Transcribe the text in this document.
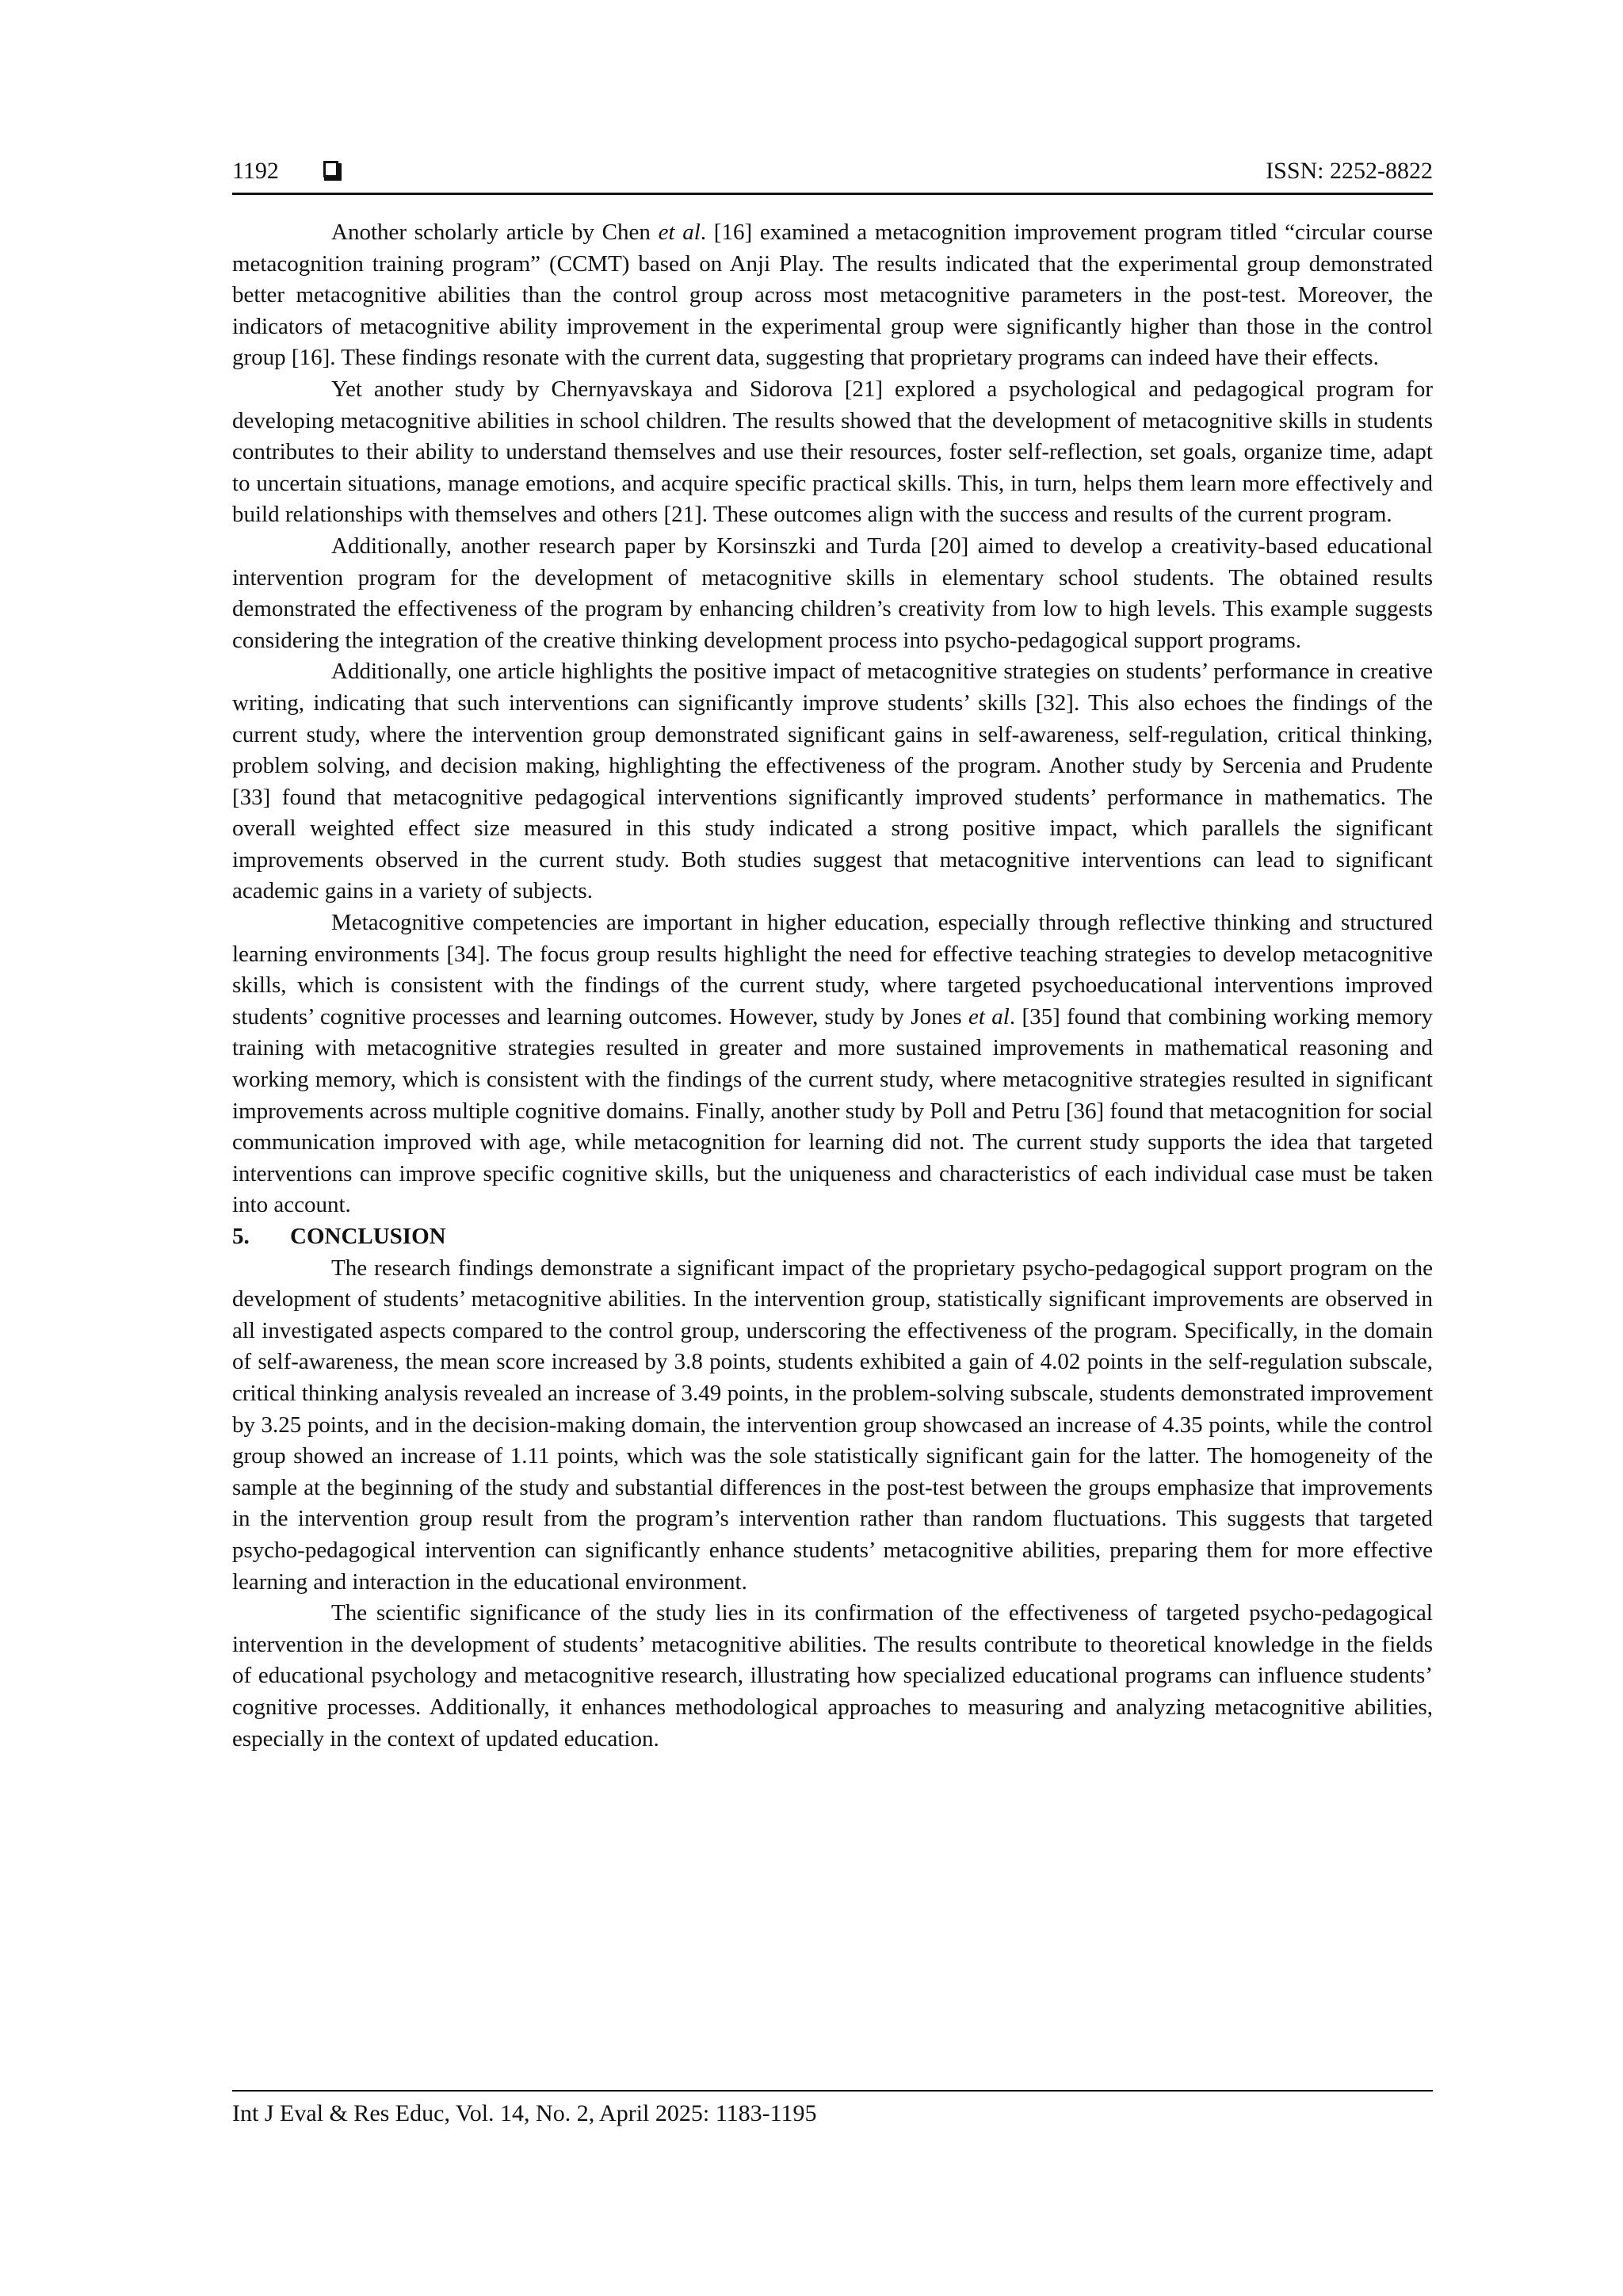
1192	ISSN: 2252-8822

Another scholarly article by Chen et al. [16] examined a metacognition improvement program titled “circular course metacognition training program” (CCMT) based on Anji Play. The results indicated that the experimental group demonstrated better metacognitive abilities than the control group across most metacognitive parameters in the post-test. Moreover, the indicators of metacognitive ability improvement in the experimental group were significantly higher than those in the control group [16]. These findings resonate with the current data, suggesting that proprietary programs can indeed have their effects.

Yet another study by Chernyavskaya and Sidorova [21] explored a psychological and pedagogical program for developing metacognitive abilities in school children. The results showed that the development of metacognitive skills in students contributes to their ability to understand themselves and use their resources, foster self-reflection, set goals, organize time, adapt to uncertain situations, manage emotions, and acquire specific practical skills. This, in turn, helps them learn more effectively and build relationships with themselves and others [21]. These outcomes align with the success and results of the current program.

Additionally, another research paper by Korsinszki and Turda [20] aimed to develop a creativity-based educational intervention program for the development of metacognitive skills in elementary school students. The obtained results demonstrated the effectiveness of the program by enhancing children’s creativity from low to high levels. This example suggests considering the integration of the creative thinking development process into psycho-pedagogical support programs.

Additionally, one article highlights the positive impact of metacognitive strategies on students’ performance in creative writing, indicating that such interventions can significantly improve students’ skills [32]. This also echoes the findings of the current study, where the intervention group demonstrated significant gains in self-awareness, self-regulation, critical thinking, problem solving, and decision making, highlighting the effectiveness of the program. Another study by Sercenia and Prudente [33] found that metacognitive pedagogical interventions significantly improved students’ performance in mathematics. The overall weighted effect size measured in this study indicated a strong positive impact, which parallels the significant improvements observed in the current study. Both studies suggest that metacognitive interventions can lead to significant academic gains in a variety of subjects.

Metacognitive competencies are important in higher education, especially through reflective thinking and structured learning environments [34]. The focus group results highlight the need for effective teaching strategies to develop metacognitive skills, which is consistent with the findings of the current study, where targeted psychoeducational interventions improved students’ cognitive processes and learning outcomes. However, study by Jones et al. [35] found that combining working memory training with metacognitive strategies resulted in greater and more sustained improvements in mathematical reasoning and working memory, which is consistent with the findings of the current study, where metacognitive strategies resulted in significant improvements across multiple cognitive domains. Finally, another study by Poll and Petru [36] found that metacognition for social communication improved with age, while metacognition for learning did not. The current study supports the idea that targeted interventions can improve specific cognitive skills, but the uniqueness and characteristics of each individual case must be taken into account.

5. CONCLUSION

The research findings demonstrate a significant impact of the proprietary psycho-pedagogical support program on the development of students’ metacognitive abilities. In the intervention group, statistically significant improvements are observed in all investigated aspects compared to the control group, underscoring the effectiveness of the program. Specifically, in the domain of self-awareness, the mean score increased by 3.8 points, students exhibited a gain of 4.02 points in the self-regulation subscale, critical thinking analysis revealed an increase of 3.49 points, in the problem-solving subscale, students demonstrated improvement by 3.25 points, and in the decision-making domain, the intervention group showcased an increase of 4.35 points, while the control group showed an increase of 1.11 points, which was the sole statistically significant gain for the latter. The homogeneity of the sample at the beginning of the study and substantial differences in the post-test between the groups emphasize that improvements in the intervention group result from the program’s intervention rather than random fluctuations. This suggests that targeted psycho-pedagogical intervention can significantly enhance students’ metacognitive abilities, preparing them for more effective learning and interaction in the educational environment.

The scientific significance of the study lies in its confirmation of the effectiveness of targeted psycho-pedagogical intervention in the development of students’ metacognitive abilities. The results contribute to theoretical knowledge in the fields of educational psychology and metacognitive research, illustrating how specialized educational programs can influence students’ cognitive processes. Additionally, it enhances methodological approaches to measuring and analyzing metacognitive abilities, especially in the context of updated education.

Int J Eval & Res Educ, Vol. 14, No. 2, April 2025: 1183-1195
